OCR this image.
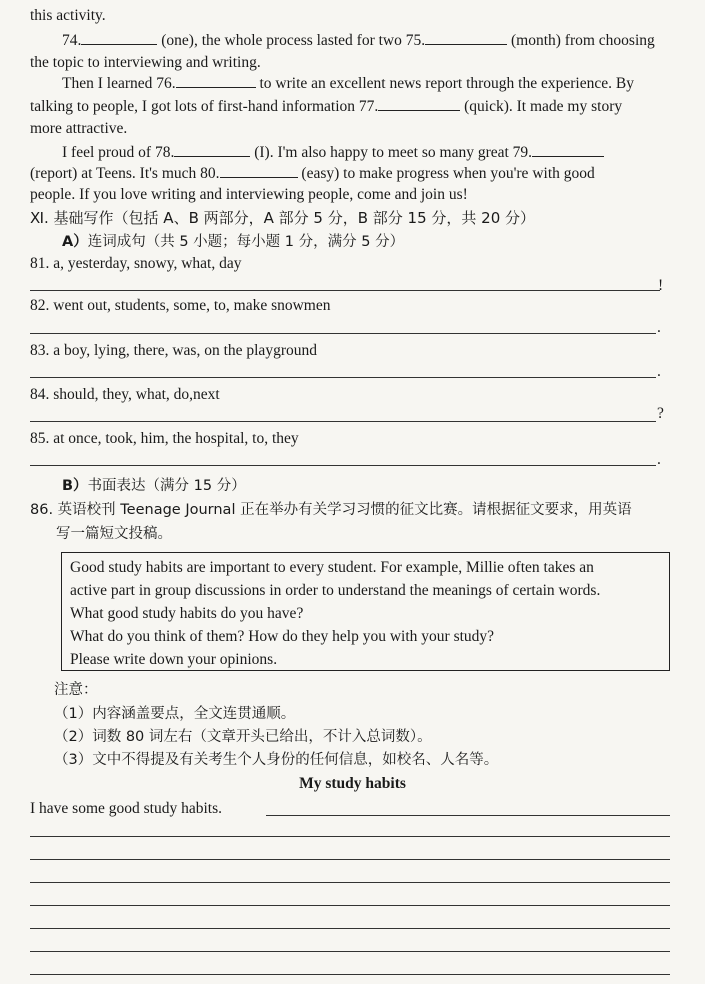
this activity.
74.	(one), the whole process lasted for two 75.	(month) from choosing
the topic to interviewing and writing.
Then I learned 76.	to write an excellent news report through the experience. By
talking to people, I got lots of first-hand information 77.	(quick). It made my story
more attractive.
I feel proud of 78.	(I). I'm also happy to meet so many great 79.
(report) at Teens. It's much 80.	(easy) to make progress when you're with good
people. If you love writing and interviewing people, come and join us!
Ⅺ. 基础写作（包括 A、B 两部分，A 部分 5 分，B 部分 15 分，共 20 分）
A）连词成句（共 5 小题；每小题 1 分，满分 5 分）
81. a, yesterday, snowy, what, day
!
82. went out, students, some, to, make snowmen
.
83. a boy, lying, there, was, on the playground
.
84. should, they, what, do,next
?
85. at once, took, him, the hospital, to, they
.
B）书面表达（满分 15 分）
86. 英语校刊 Teenage Journal 正在举办有关学习习惯的征文比赛。请根据征文要求，用英语
写一篇短文投稿。
Good study habits are important to every student. For example, Millie often takes an
active part in group discussions in order to understand the meanings of certain words.
What good study habits do you have?
What do you think of them? How do they help you with your study?
Please write down your opinions.
注意：
（1）内容涵盖要点，全文连贯通顺。
（2）词数 80 词左右（文章开头已给出，不计入总词数）。
（3）文中不得提及有关考生个人身份的任何信息，如校名、人名等。
My study habits
I have some good study habits.
